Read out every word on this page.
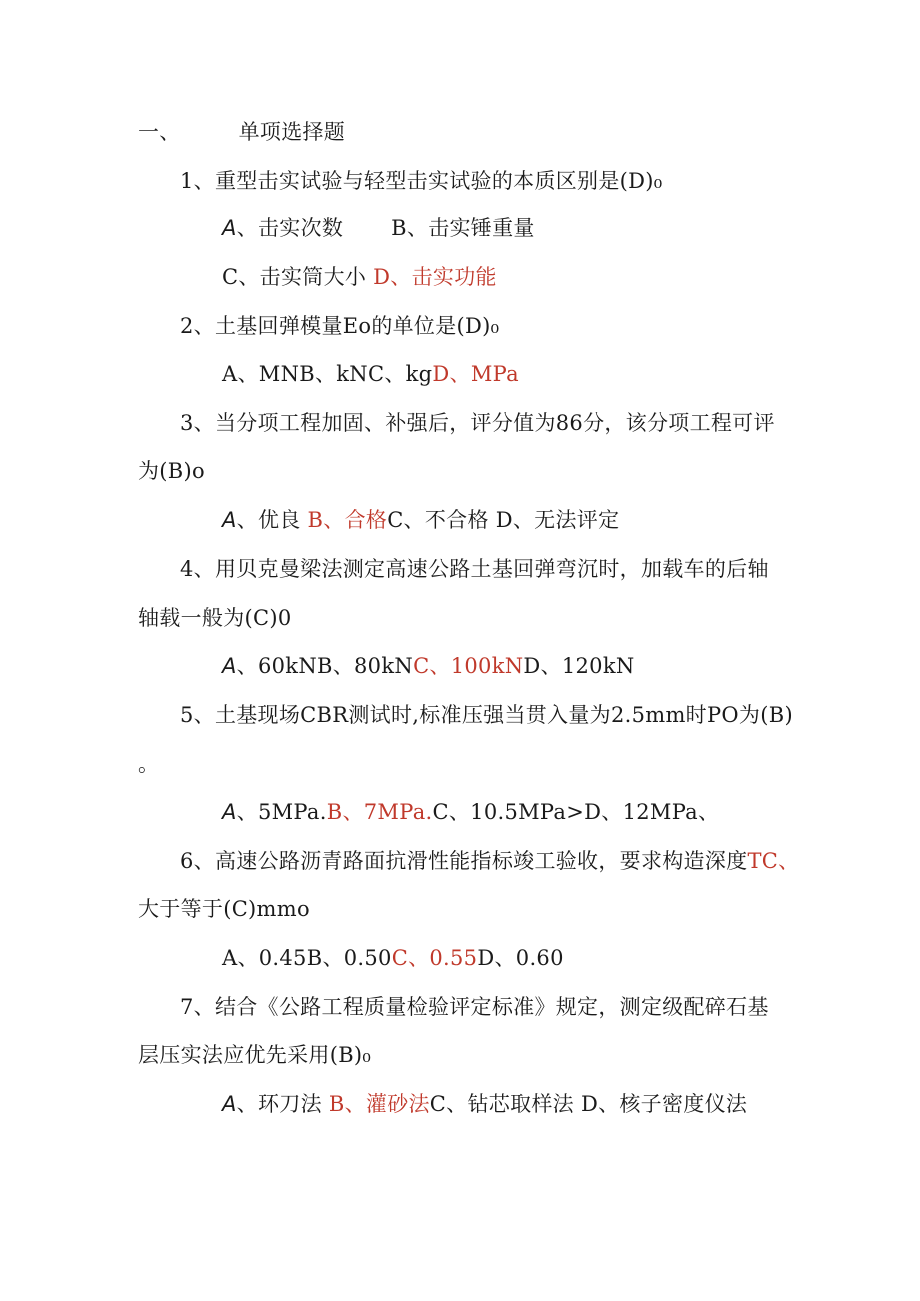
一、	单项选择题
1、重型击实试验与轻型击实试验的本质区别是(D)₀
A、击实次数 B、击实锤重量
C、击实筒大小 D、击实功能
2、土基回弹模量Eo的单位是(D)₀
A、MNB、kNC、kgD、MPa
3、当分项工程加固、补强后，评分值为86分，该分项工程可评
为(B)o
A、优良 B、合格C、不合格 D、无法评定
4、用贝克曼梁法测定高速公路土基回弹弯沉时，加载车的后轴
轴载一般为(C)0
A、60kNB、80kNC、100kND、120kN
5、土基现场CBR测试时,标准压强当贯入量为2.5mm时PO为(B)
。
A、5MPa.B、7MPa.C、10.5MPa>D、12MPa、
6、高速公路沥青路面抗滑性能指标竣工验收，要求构造深度TC、
大于等于(C)mmo
A、0.45B、0.50C、0.55D、0.60
7、结合《公路工程质量检验评定标准》规定，测定级配碎石基
层压实法应优先采用(B)₀
A、环刀法 B、灌砂法C、钻芯取样法 D、核子密度仪法
